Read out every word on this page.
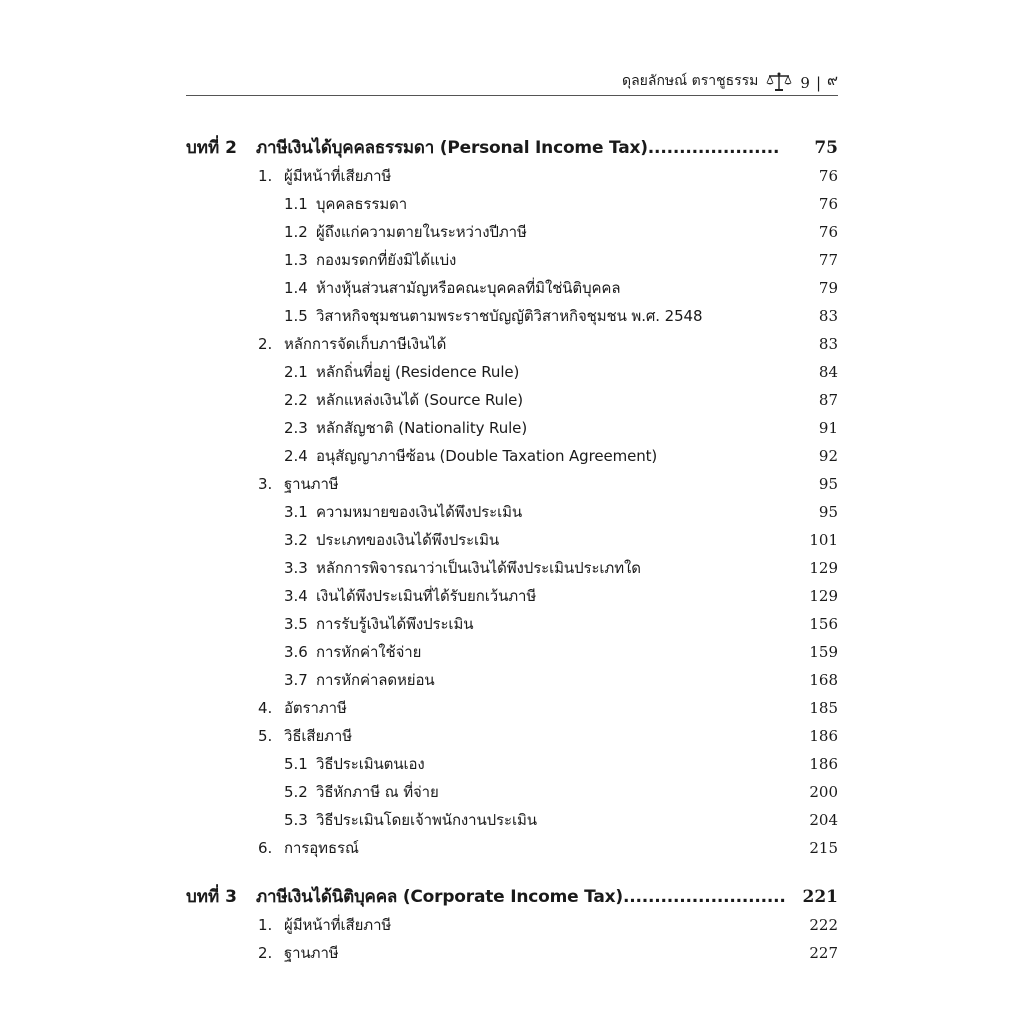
ดุลยลักษณ์ ตราชูธรรม	9 | ๙
บทที่ 2	ภาษีเงินได้บุคคลธรรมดา (Personal Income Tax).....................	75
1. ผู้มีหน้าที่เสียภาษี	76
1.1 บุคคลธรรมดา	76
1.2 ผู้ถึงแก่ความตายในระหว่างปีภาษี	76
1.3 กองมรดกที่ยังมิได้แบ่ง	77
1.4 ห้างหุ้นส่วนสามัญหรือคณะบุคคลที่มิใช่นิติบุคคล	79
1.5 วิสาหกิจชุมชนตามพระราชบัญญัติวิสาหกิจชุมชน พ.ศ. 2548	83
2. หลักการจัดเก็บภาษีเงินได้	83
2.1 หลักถิ่นที่อยู่ (Residence Rule)	84
2.2 หลักแหล่งเงินได้ (Source Rule)	87
2.3 หลักสัญชาติ (Nationality Rule)	91
2.4 อนุสัญญาภาษีซ้อน (Double Taxation Agreement)	92
3. ฐานภาษี	95
3.1 ความหมายของเงินได้พึงประเมิน	95
3.2 ประเภทของเงินได้พึงประเมิน	101
3.3 หลักการพิจารณาว่าเป็นเงินได้พึงประเมินประเภทใด	129
3.4 เงินได้พึงประเมินที่ได้รับยกเว้นภาษี	129
3.5 การรับรู้เงินได้พึงประเมิน	156
3.6 การหักค่าใช้จ่าย	159
3.7 การหักค่าลดหย่อน	168
4. อัตราภาษี	185
5. วิธีเสียภาษี	186
5.1 วิธีประเมินตนเอง	186
5.2 วิธีหักภาษี ณ ที่จ่าย	200
5.3 วิธีประเมินโดยเจ้าพนักงานประเมิน	204
6. การอุทธรณ์	215
บทที่ 3	ภาษีเงินได้นิติบุคคล (Corporate Income Tax).......................... 221
1. ผู้มีหน้าที่เสียภาษี	222
2. ฐานภาษี	227
